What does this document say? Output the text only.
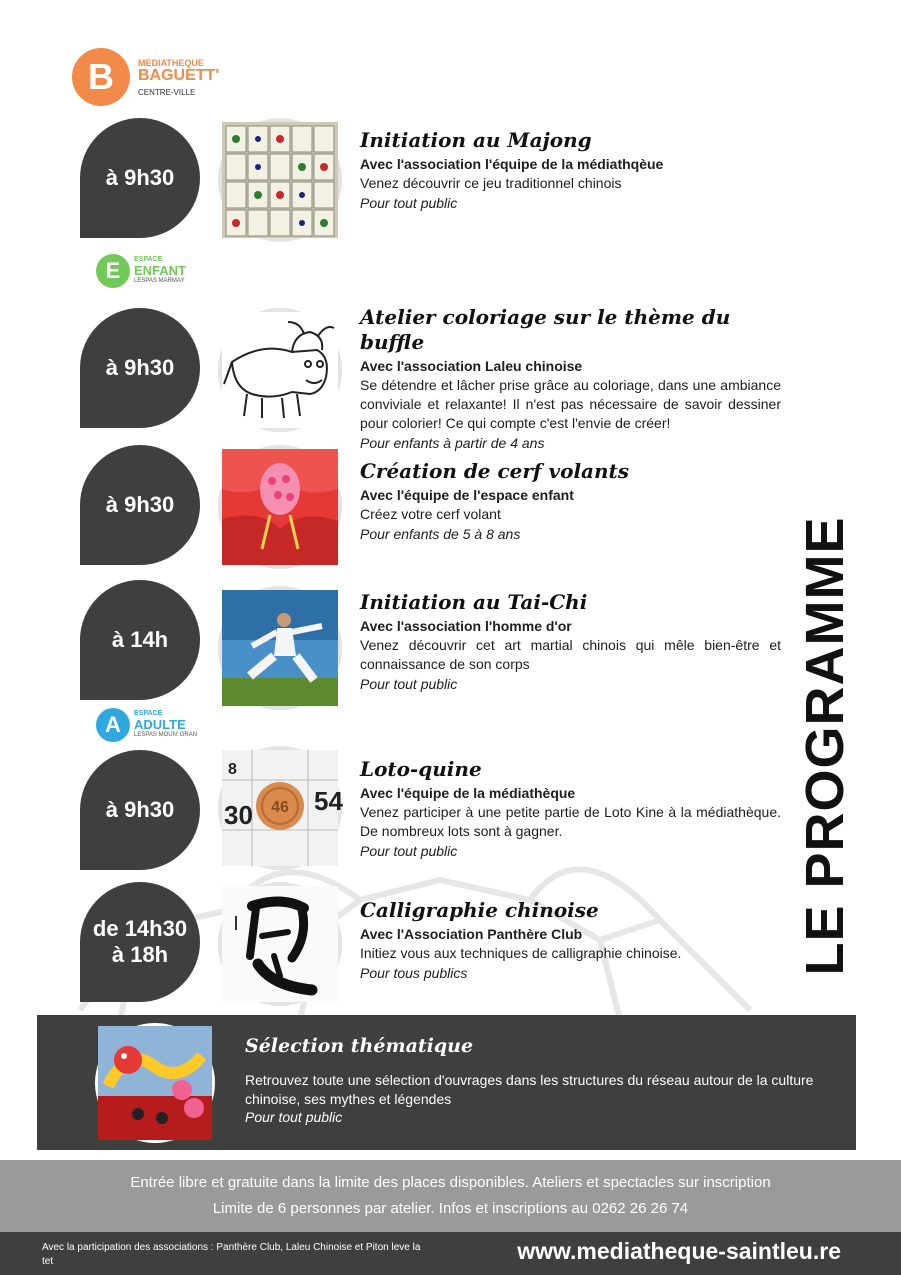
B	MEDIATHEQUE
BAGUETT'
CENTRE-VILLE
à 9h30

Initiation au Majong

Avec l'association l'équipe de la médiathqèue

Venez découvrir ce jeu traditionnel chinois

Pour tout public

E	ESPACE
ENFANT
LESPAS MARMAY
à 9h30

Atelier coloriage sur le thème du buffle

Avec l'association Laleu chinoise

Se détendre et lâcher prise grâce au coloriage, dans une ambiance conviviale et relaxante! Il n'est pas nécessaire de savoir dessiner pour colorier! Ce qui compte c'est l'envie de créer!

Pour enfants à partir de 4 ans

à 9h30

Création de cerf volants

Avec l'équipe de l'espace enfant

Créez votre cerf volant

Pour enfants de 5 à 8 ans

à 14h

Initiation au Tai-Chi

Avec l'association l'homme d'or

Venez découvrir cet art martial chinois qui mêle bien-être et connaissance de son corps

Pour tout public

A	ESPACE
ADULTE
LESPAS MOUN' GRAN
à 9h30	30 54
8
46

Loto-quine

Avec l'équipe de la médiathèque

Venez participer à une petite partie de Loto Kine à la médiathèque. De nombreux lots sont à gagner.

Pour tout public

de 14h30
à 18h

Calligraphie chinoise

Avec l'Association Panthère Club

Initiez vous aux techniques de calligraphie chinoise.

Pour tous publics	LE PROGRAMME
Sélection thématique

Retrouvez toute une sélection d'ouvrages dans les structures du réseau autour de la culture chinoise, ses mythes et légendes

Pour tout public

Entrée libre et gratuite dans la limite des places disponibles. Ateliers et spectacles sur inscription

Limite de 6 personnes par atelier. Infos et inscriptions au 0262 26 26 74

Avec la participation des associations : Panthère Club, Laleu Chinoise et Piton leve la tet	www.mediatheque-saintleu.re
